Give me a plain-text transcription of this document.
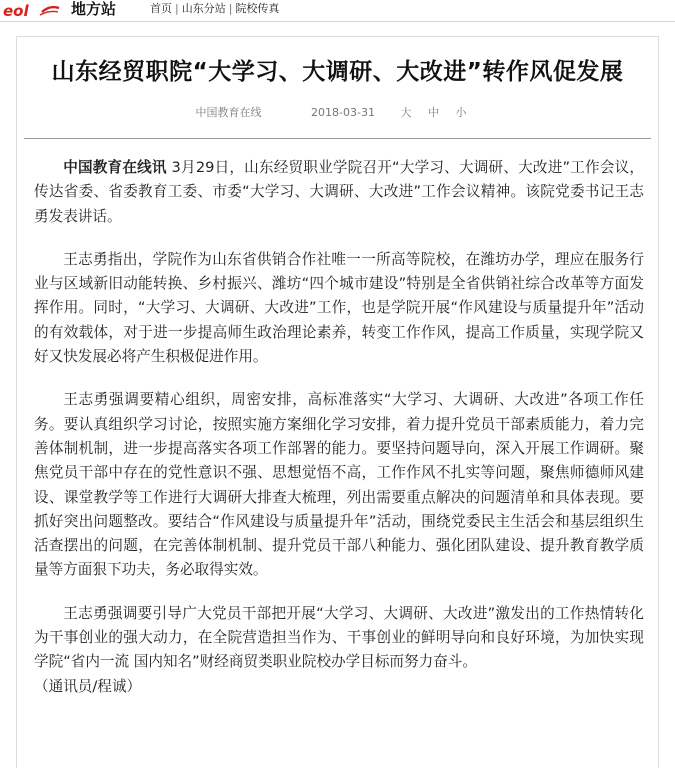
eol	地方站	首页 | 山东分站 | 院校传真
山东经贸职院“大学习、大调研、大改进”转作风促发展
中国教育在线	2018-03-31 大 中 小

中国教育在线讯 3月29日，山东经贸职业学院召开“大学习、大调研、大改进”工作会议，传达省委、省委教育工委、市委“大学习、大调研、大改进”工作会议精神。该院党委书记王志勇发表讲话。

王志勇指出，学院作为山东省供销合作社唯一一所高等院校，在潍坊办学，理应在服务行业与区域新旧动能转换、乡村振兴、潍坊“四个城市建设”特别是全省供销社综合改革等方面发挥作用。同时，“大学习、大调研、大改进”工作，也是学院开展“作风建设与质量提升年”活动的有效载体，对于进一步提高师生政治理论素养，转变工作作风，提高工作质量，实现学院又好又快发展必将产生积极促进作用。

王志勇强调要精心组织，周密安排，高标准落实“大学习、大调研、大改进”各项工作任务。要认真组织学习讨论，按照实施方案细化学习安排，着力提升党员干部素质能力，着力完善体制机制，进一步提高落实各项工作部署的能力。要坚持问题导向，深入开展工作调研。聚焦党员干部中存在的党性意识不强、思想觉悟不高，工作作风不扎实等问题，聚焦师德师风建设、课堂教学等工作进行大调研大排查大梳理，列出需要重点解决的问题清单和具体表现。要抓好突出问题整改。要结合“作风建设与质量提升年”活动，围绕党委民主生活会和基层组织生活查摆出的问题，在完善体制机制、提升党员干部八种能力、强化团队建设、提升教育教学质量等方面狠下功夫，务必取得实效。

王志勇强调要引导广大党员干部把开展“大学习、大调研、大改进”激发出的工作热情转化为干事创业的强大动力，在全院营造担当作为、干事创业的鲜明导向和良好环境，为加快实现学院“省内一流 国内知名”财经商贸类职业院校办学目标而努力奋斗。

（通讯员/程诚）
